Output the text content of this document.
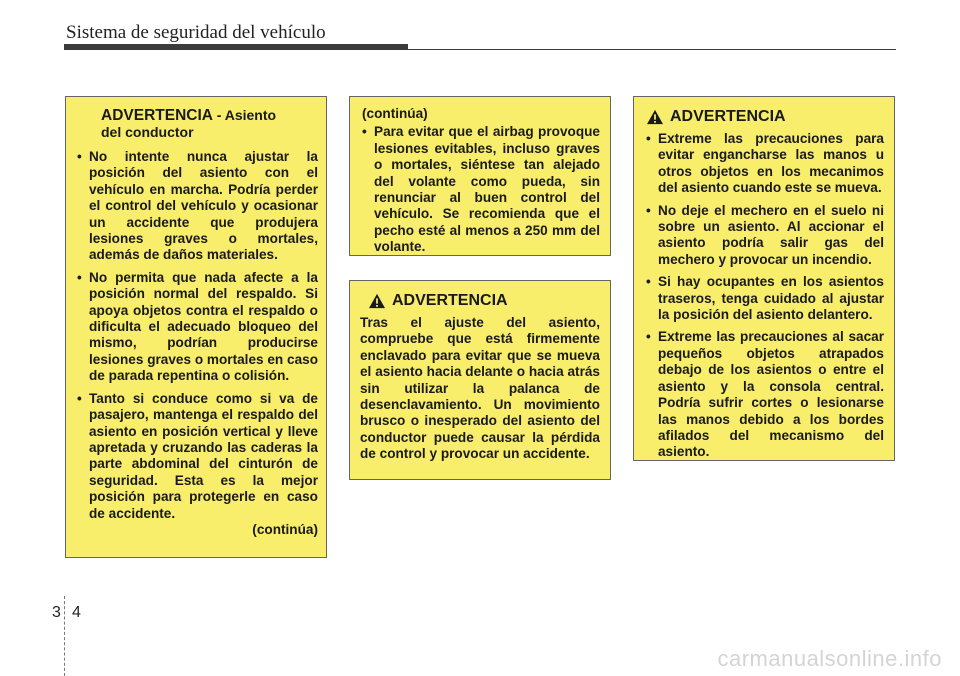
Sistema de seguridad del vehículo
ADVERTENCIA - Asiento
del conductor
• No intente nunca ajustar la posición del asiento con el vehículo en marcha. Podría perder el control del vehículo y ocasionar un accidente que produjera lesiones graves o mortales, además de daños materiales.
• No permita que nada afecte a la posición normal del respaldo. Si apoya objetos contra el respaldo o dificulta el adecuado bloqueo del mismo, podrían producirse lesiones graves o mortales en caso de parada repentina o colisión.
• Tanto si conduce como si va de pasajero, mantenga el respaldo del asiento en posición vertical y lleve apretada y cruzando las caderas la parte abdominal del cinturón de seguridad. Esta es la mejor posición para protegerle en caso de accidente.
(continúa)
(continúa)
• Para evitar que el airbag provoque lesiones evitables, incluso graves o mortales, siéntese tan alejado del volante como pueda, sin renunciar al buen control del vehículo. Se recomienda que el pecho esté al menos a 250 mm del volante.
ADVERTENCIA
Tras el ajuste del asiento, compruebe que está firmemente enclavado para evitar que se mueva el asiento hacia delante o hacia atrás sin utilizar la palanca de desenclavamiento. Un movimiento brusco o inesperado del asiento del conductor puede causar la pérdida de control y provocar un accidente.
ADVERTENCIA
• Extreme las precauciones para evitar engancharse las manos u otros objetos en los mecanimos del asiento cuando este se mueva.
• No deje el mechero en el suelo ni sobre un asiento. Al accionar el asiento podría salir gas del mechero y provocar un incendio.
• Si hay ocupantes en los asientos traseros, tenga cuidado al ajustar la posición del asiento delantero.
• Extreme las precauciones al sacar pequeños objetos atrapados debajo de los asientos o entre el asiento y la consola central. Podría sufrir cortes o lesionarse las manos debido a los bordes afilados del mecanismo del asiento.
3 4
carmanualsonline.info
